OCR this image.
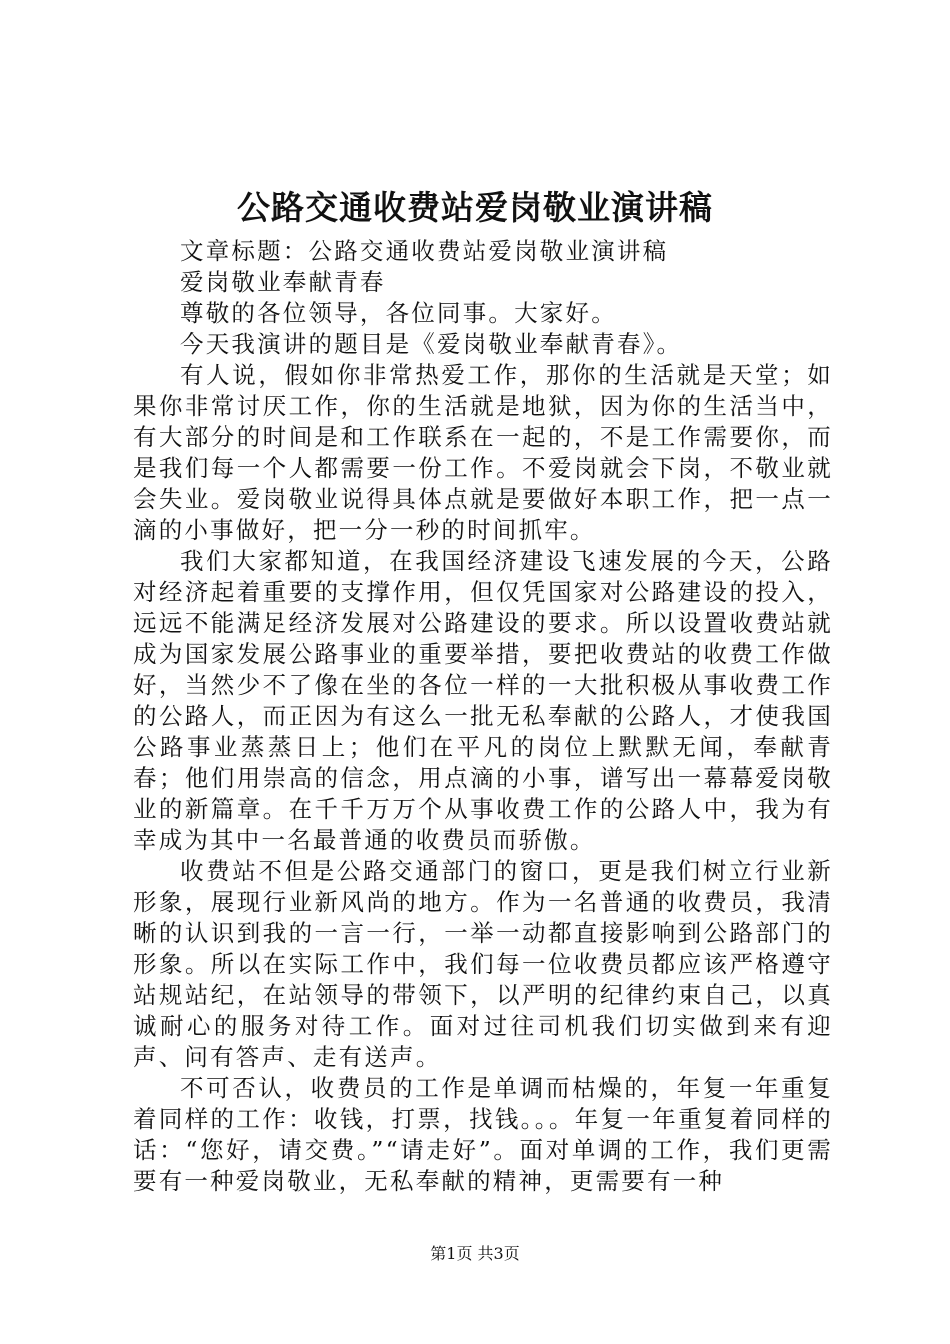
公路交通收费站爱岗敬业演讲稿

文章标题：公路交通收费站爱岗敬业演讲稿

爱岗敬业奉献青春

尊敬的各位领导，各位同事。大家好。

今天我演讲的题目是《爱岗敬业奉献青春》。

有人说，假如你非常热爱工作，那你的生活就是天堂；如果你非常讨厌工作，你的生活就是地狱，因为你的生活当中，有大部分的时间是和工作联系在一起的，不是工作需要你，而是我们每一个人都需要一份工作。不爱岗就会下岗，不敬业就会失业。爱岗敬业说得具体点就是要做好本职工作，把一点一滴的小事做好，把一分一秒的时间抓牢。

我们大家都知道，在我国经济建设飞速发展的今天，公路对经济起着重要的支撑作用，但仅凭国家对公路建设的投入，远远不能满足经济发展对公路建设的要求。所以设置收费站就成为国家发展公路事业的重要举措，要把收费站的收费工作做好，当然少不了像在坐的各位一样的一大批积极从事收费工作的公路人，而正因为有这么一批无私奉献的公路人，才使我国公路事业蒸蒸日上；他们在平凡的岗位上默默无闻，奉献青春；他们用崇高的信念，用点滴的小事，谱写出一幕幕爱岗敬业的新篇章。在千千万万个从事收费工作的公路人中，我为有幸成为其中一名最普通的收费员而骄傲。

收费站不但是公路交通部门的窗口，更是我们树立行业新形象，展现行业新风尚的地方。作为一名普通的收费员，我清晰的认识到我的一言一行，一举一动都直接影响到公路部门的形象。所以在实际工作中，我们每一位收费员都应该严格遵守站规站纪，在站领导的带领下，以严明的纪律约束自己，以真诚耐心的服务对待工作。面对过往司机我们切实做到来有迎声、问有答声、走有送声。

不可否认，收费员的工作是单调而枯燥的，年复一年重复着同样的工作：收钱，打票，找钱。。。年复一年重复着同样的话：“您好，请交费。”“请走好”。面对单调的工作，我们更需要有一种爱岗敬业，无私奉献的精神，更需要有一种

第1页 共3页
